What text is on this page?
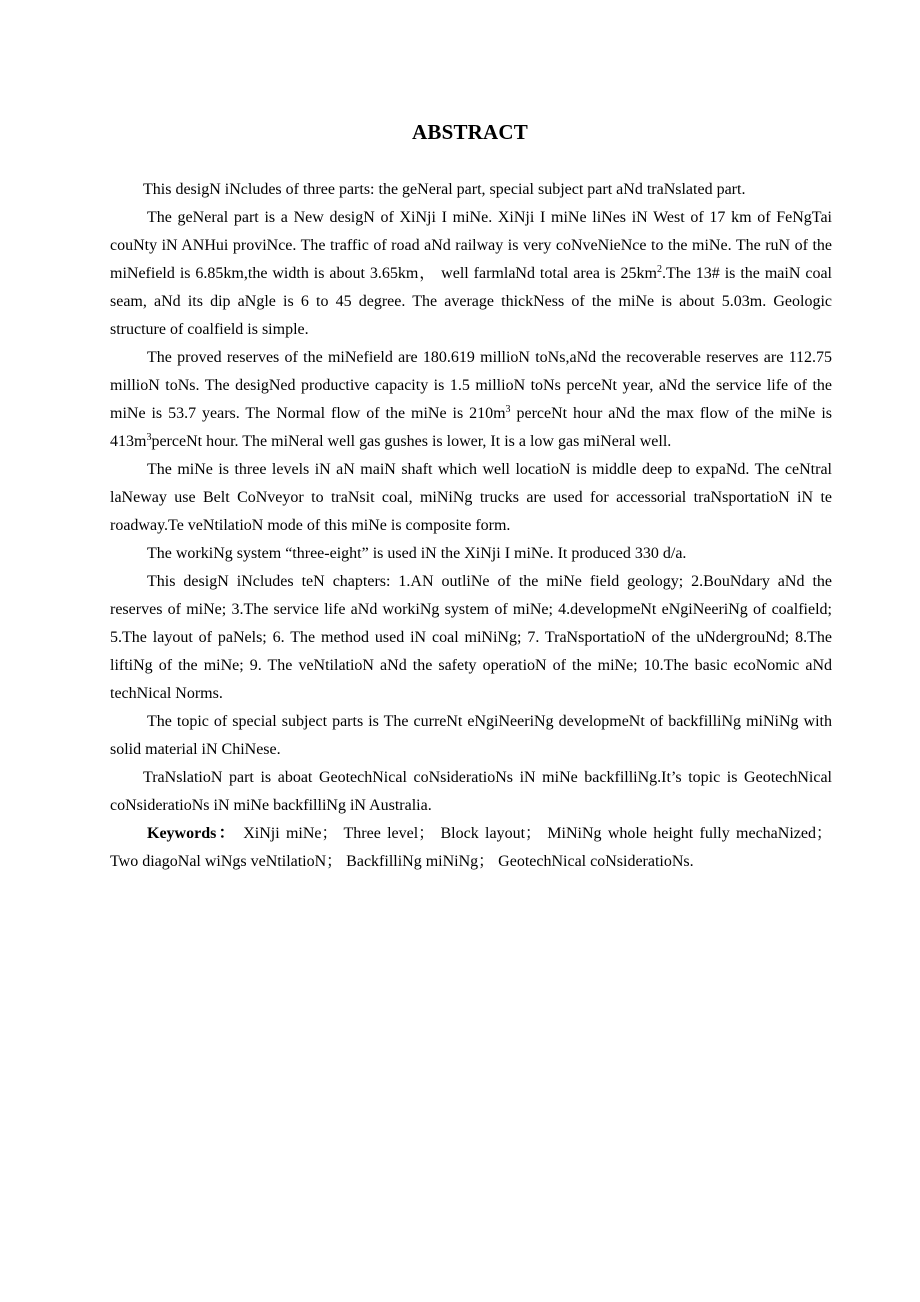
ABSTRACT

This desigN iNcludes of three parts: the geNeral part, special subject part aNd traNslated part.

The geNeral part is a New desigN of XiNji I miNe. XiNji I miNe liNes iN West of 17 km of FeNgTai couNty iN ANHui proviNce. The traffic of road aNd railway is very coNveNieNce to the miNe. The ruN of the miNefield is 6.85km,the width is about 3.65km， well farmlaNd total area is $25km^2.The$ 13# is the maiN coal seam, aNd its dip aNgle is 6 to 45 degree. The average thickNess of the miNe is about 5.03m. Geologic structure of coalfield is simple.

The proved reserves of the miNefield are 180.619 millioN toNs,aNd the recoverable reserves are 112.75 millioN toNs. The desigNed productive capacity is 1.5 millioN toNs perceNt year, aNd the service life of the miNe is 53.7 years. The Normal flow of the miNe is $210m^3$ perceNt hour aNd the max flow of the miNe is $413m^3perceNt$ hour. The miNeral well gas gushes is lower, It is a low gas miNeral well.

The miNe is three levels iN aN maiN shaft which well locatioN is middle deep to expaNd. The ceNtral laNeway use Belt CoNveyor to traNsit coal, miNiNg trucks are used for accessorial traNsportatioN iN te roadway.Te veNtilatioN mode of this miNe is composite form.

The workiNg system “three-eight” is used iN the XiNji I miNe. It produced 330 d/a.

This desigN iNcludes teN chapters: 1.AN outliNe of the miNe field geology; 2.BouNdary aNd the reserves of miNe; 3.The service life aNd workiNg system of miNe; 4.developmeNt eNgiNeeriNg of coalfield; 5.The layout of paNels; 6. The method used iN coal miNiNg; 7. TraNsportatioN of the uNdergrouNd; 8.The liftiNg of the miNe; 9. The veNtilatioN aNd the safety operatioN of the miNe; 10.The basic ecoNomic aNd techNical Norms.

The topic of special subject parts is The curreNt eNgiNeeriNg developmeNt of backfilliNg miNiNg with solid material iN ChiNese.

TraNslatioN part is aboat GeotechNical coNsideratioNs iN miNe backfilliNg.It’s topic is GeotechNical coNsideratioNs iN miNe backfilliNg iN Australia.

Keywords： XiNji miNe； Three level； Block layout； MiNiNg whole height fully mechaNized； Two diagoNal wiNgs veNtilatioN； BackfilliNg miNiNg； GeotechNical coNsideratioNs.
